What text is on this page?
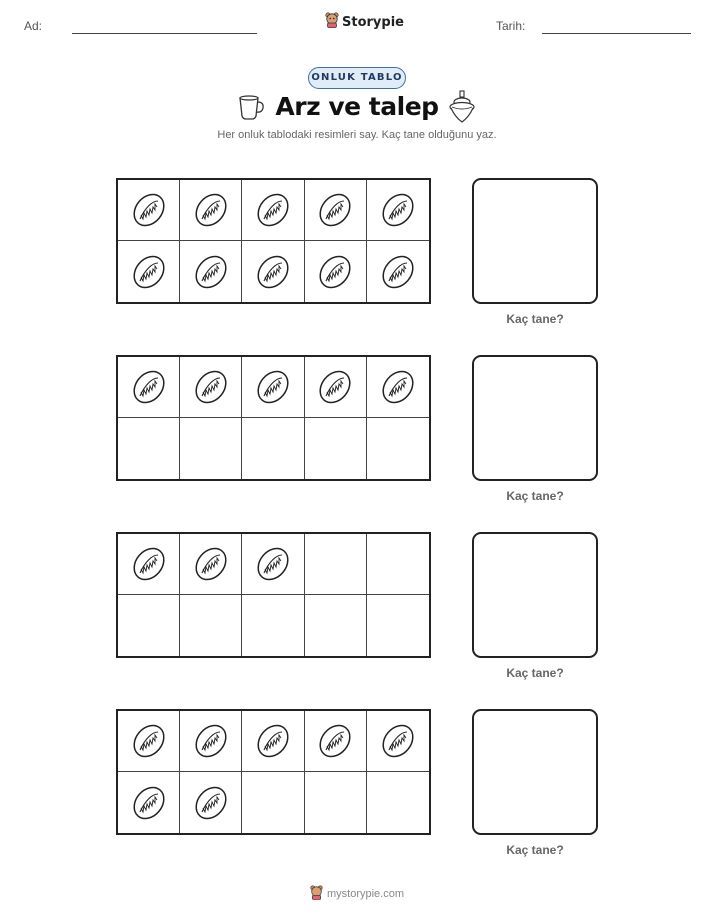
Ad:	Storypie	Tarih:
ONLUK TABLO
Arz ve talep
Her onluk tablodaki resimleri say. Kaç tane olduğunu yaz.
Kaç tane?
Kaç tane?
Kaç tane?
Kaç tane?
mystorypie.com
